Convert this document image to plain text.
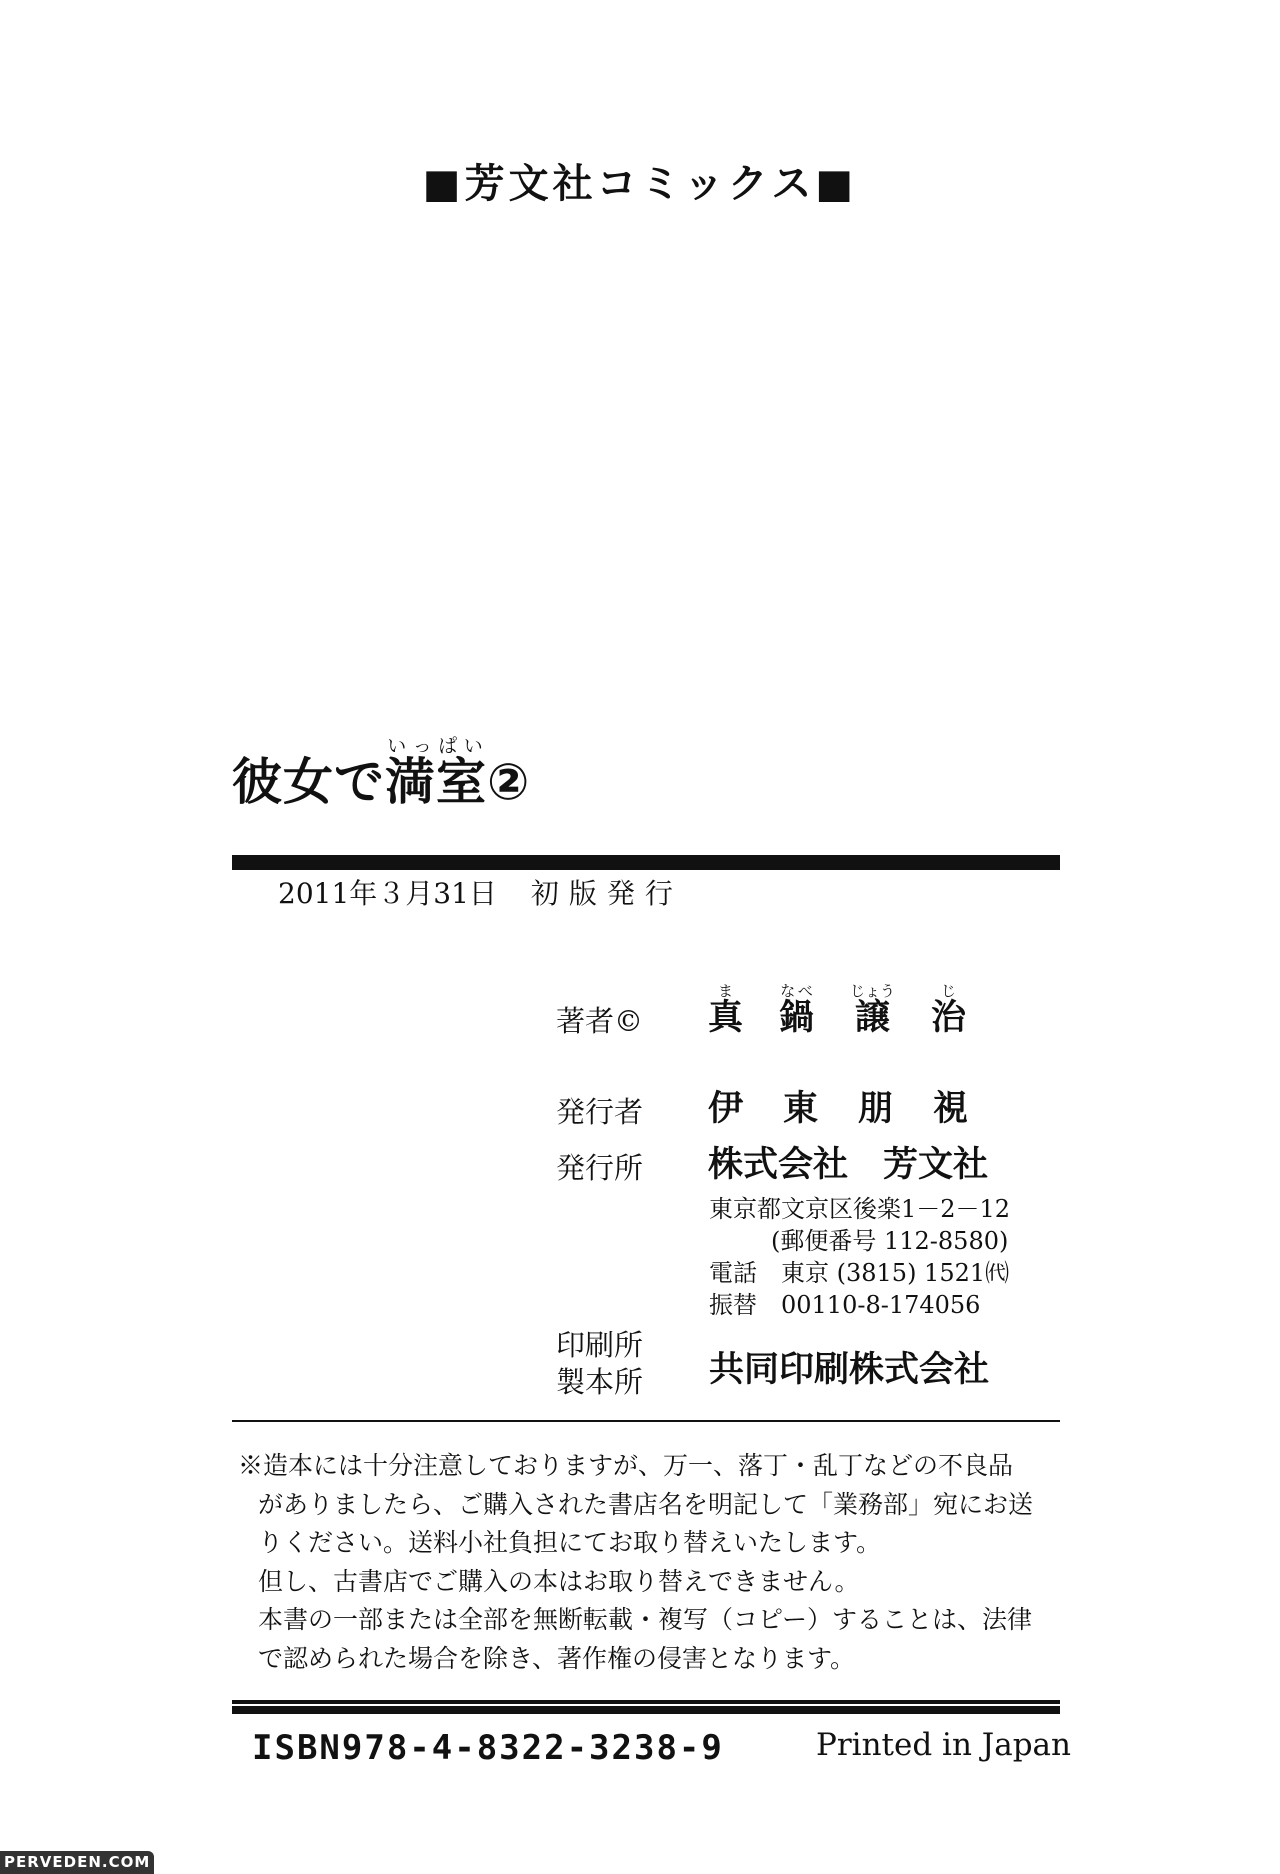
■芳文社コミックス■
彼女で満室いっぱい②
2011年３月31日 初版発行
著者© 真ま鍋なべ譲じょう治じ
発行者 伊東朋視
発行所 株式会社　芳文社
東京都文京区後楽1－2－12
(郵便番号 112-8580)
電話　東京 (3815) 1521㈹
振替　00110-8-174056
印刷所
製本所 共同印刷株式会社
※造本には十分注意しておりますが、万一、落丁・乱丁などの不良品
がありましたら、ご購入された書店名を明記して「業務部」宛にお送
りください。送料小社負担にてお取り替えいたします。
但し、古書店でご購入の本はお取り替えできません。
本書の一部または全部を無断転載・複写（コピー）することは、法律
で認められた場合を除き、著作権の侵害となります。
ISBN978-4-8322-3238-9	Printed in Japan
PERVEDEN.COM
